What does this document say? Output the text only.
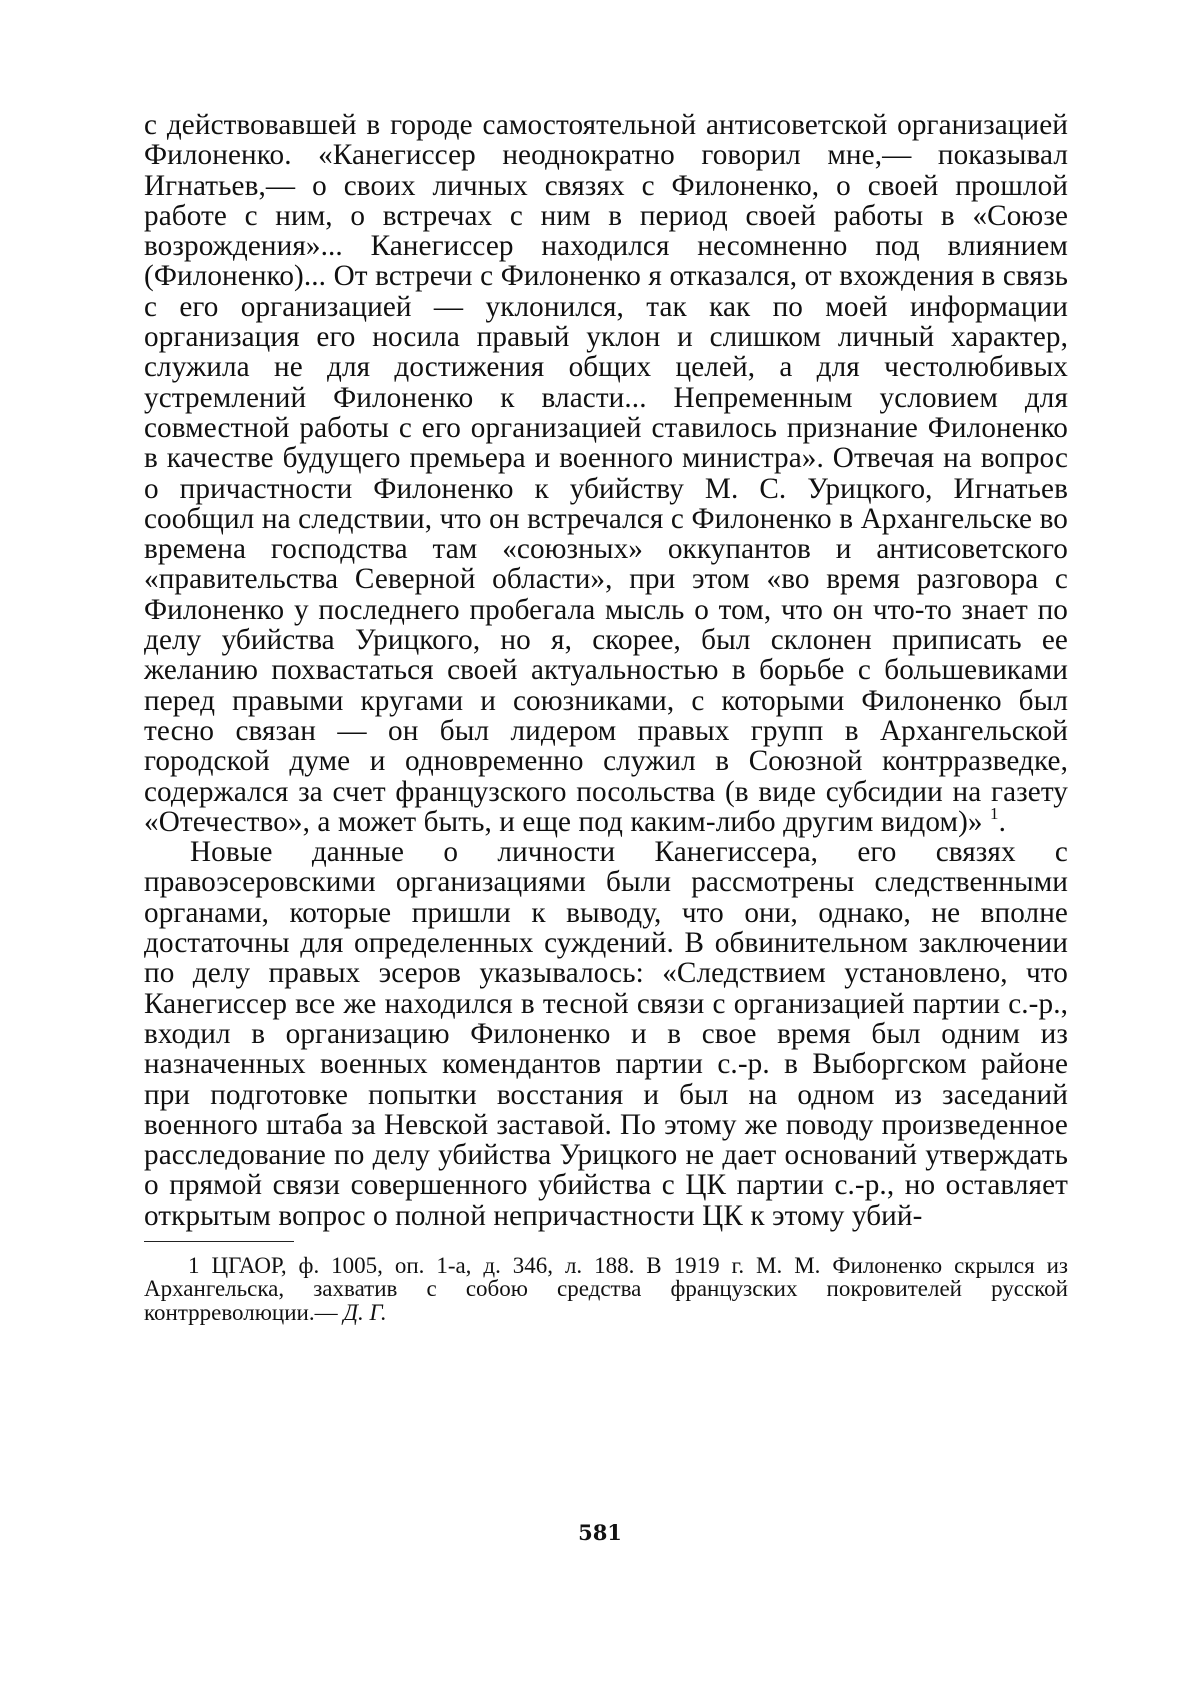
с действовавшей в городе самостоятельной антисоветской организацией Филоненко. «Канегиссер неоднократно говорил мне,— показывал Игнатьев,— о своих личных связях с Филоненко, о своей прошлой работе с ним, о встречах с ним в период своей работы в «Союзе возрождения»... Канегиссер находился несомненно под влиянием (Филоненко)... От встречи с Филоненко я отказался, от вхождения в связь с его организацией — уклонился, так как по моей информации организация его носила правый уклон и слишком личный характер, служила не для достижения общих целей, а для честолюбивых устремлений Филоненко к власти... Непременным условием для совместной работы с его организацией ставилось признание Филоненко в качестве будущего премьера и военного министра». Отвечая на вопрос о причастности Филоненко к убийству М. С. Урицкого, Игнатьев сообщил на следствии, что он встречался с Филоненко в Архангельске во времена господства там «союзных» оккупантов и антисоветского «правительства Северной области», при этом «во время разговора с Филоненко у последнего пробегала мысль о том, что он что-то знает по делу убийства Урицкого, но я, скорее, был склонен приписать ее желанию похвастаться своей актуальностью в борьбе с большевиками перед правыми кругами и союзниками, с которыми Филоненко был тесно связан — он был лидером правых групп в Архангельской городской думе и одновременно служил в Союзной контрразведке, содержался за счет французского посольства (в виде субсидии на газету «Отечество», а может быть, и еще под каким-либо другим видом)» $^1$.

Новые данные о личности Канегиссера, его связях с правоэсеровскими организациями были рассмотрены следственными органами, которые пришли к выводу, что они, однако, не вполне достаточны для определенных суждений. В обвинительном заключении по делу правых эсеров указывалось: «Следствием установлено, что Канегиссер все же находился в тесной связи с организацией партии с.-р., входил в организацию Филоненко и в свое время был одним из назначенных военных комендантов партии с.-р. в Выборгском районе при подготовке попытки восстания и был на одном из заседаний военного штаба за Невской заставой. По этому же поводу произведенное расследование по делу убийства Урицкого не дает оснований утверждать о прямой связи совершенного убийства с ЦК партии с.-р., но оставляет открытым вопрос о полной непричастности ЦК к этому убий-

1 ЦГАОР, ф. 1005, оп. 1-а, д. 346, л. 188. В 1919 г. М. М. Филоненко скрылся из Архангельска, захватив с собою средства французских покровителей русской контрреволюции.— Д. Г.

581
